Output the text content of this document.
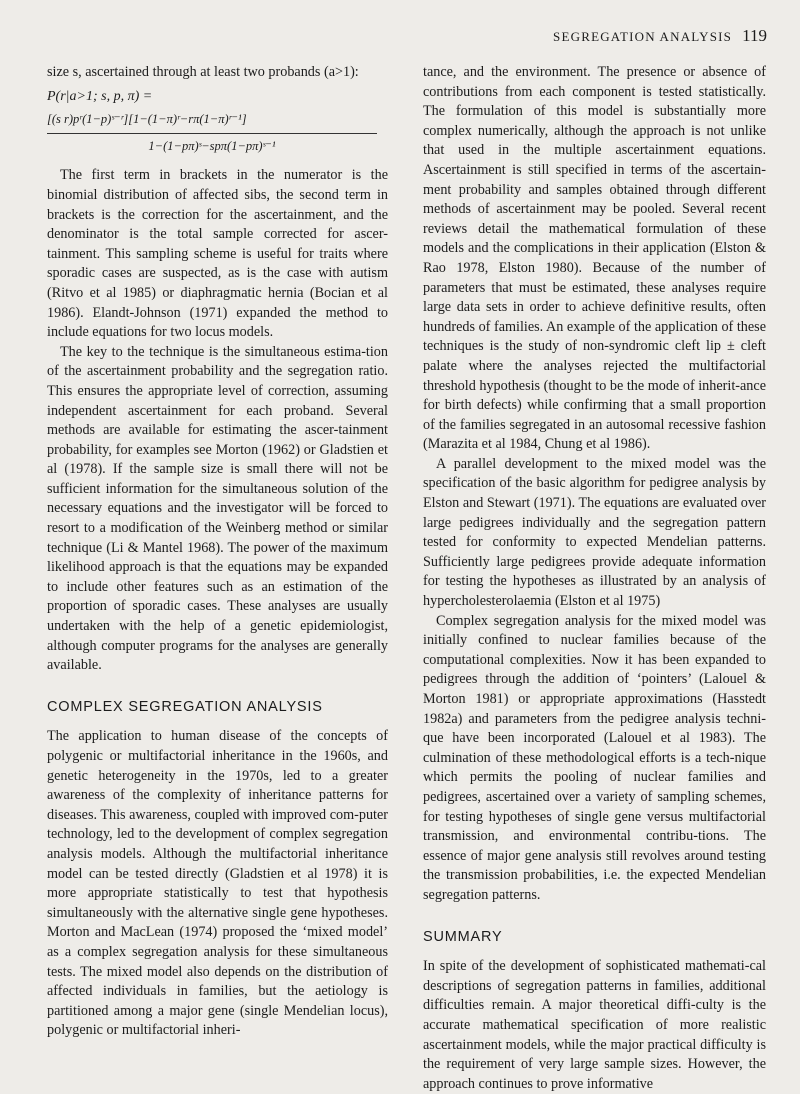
SEGREGATION ANALYSIS 119

size s, ascertained through at least two probands (a>1):

P(r|a>1; s, p, π) =
[(s r)pʳ(1−p)ˢ⁻ʳ][1−(1−π)ʳ−rπ(1−π)ʳ⁻¹]
1−(1−pπ)ˢ−spπ(1−pπ)ˢ⁻¹

The first term in brackets in the numerator is the binomial distribution of affected sibs, the second term in brackets is the correction for the ascertainment, and the denominator is the total sample corrected for ascer-tainment. This sampling scheme is useful for traits where sporadic cases are suspected, as is the case with autism (Ritvo et al 1985) or diaphragmatic hernia (Bocian et al 1986). Elandt-Johnson (1971) expanded the method to include equations for two locus models.

The key to the technique is the simultaneous estima-tion of the ascertainment probability and the segregation ratio. This ensures the appropriate level of correction, assuming independent ascertainment for each proband. Several methods are available for estimating the ascer-tainment probability, for examples see Morton (1962) or Gladstien et al (1978). If the sample size is small there will not be sufficient information for the simultaneous solution of the necessary equations and the investigator will be forced to resort to a modification of the Weinberg method or similar technique (Li & Mantel 1968). The power of the maximum likelihood approach is that the equations may be expanded to include other features such as an estimation of the proportion of sporadic cases. These analyses are usually undertaken with the help of a genetic epidemiologist, although computer programs for the analyses are generally available.

COMPLEX SEGREGATION ANALYSIS

The application to human disease of the concepts of polygenic or multifactorial inheritance in the 1960s, and genetic heterogeneity in the 1970s, led to a greater awareness of the complexity of inheritance patterns for diseases. This awareness, coupled with improved com-puter technology, led to the development of complex segregation analysis models. Although the multifactorial inheritance model can be tested directly (Gladstien et al 1978) it is more appropriate statistically to test that hypothesis simultaneously with the alternative single gene hypotheses. Morton and MacLean (1974) proposed the ‘mixed model’ as a complex segregation analysis for these simultaneous tests. The mixed model also depends on the distribution of affected individuals in families, but the aetiology is partitioned among a major gene (single Mendelian locus), polygenic or multifactorial inheri-

tance, and the environment. The presence or absence of contributions from each component is tested statistically. The formulation of this model is substantially more complex numerically, although the approach is not unlike that used in the multiple ascertainment equations. Ascertainment is still specified in terms of the ascertain-ment probability and samples obtained through different methods of ascertainment may be pooled. Several recent reviews detail the mathematical formulation of these models and the complications in their application (Elston & Rao 1978, Elston 1980). Because of the number of parameters that must be estimated, these analyses require large data sets in order to achieve definitive results, often hundreds of families. An example of the application of these techniques is the study of non-syndromic cleft lip ± cleft palate where the analyses rejected the multifactorial threshold hypothesis (thought to be the mode of inherit-ance for birth defects) while confirming that a small proportion of the families segregated in an autosomal recessive fashion (Marazita et al 1984, Chung et al 1986).

A parallel development to the mixed model was the specification of the basic algorithm for pedigree analysis by Elston and Stewart (1971). The equations are evaluated over large pedigrees individually and the segregation pattern tested for conformity to expected Mendelian patterns. Sufficiently large pedigrees provide adequate information for testing the hypotheses as illustrated by an analysis of hypercholesterolaemia (Elston et al 1975)

Complex segregation analysis for the mixed model was initially confined to nuclear families because of the computational complexities. Now it has been expanded to pedigrees through the addition of ‘pointers’ (Lalouel & Morton 1981) or appropriate approximations (Hasstedt 1982a) and parameters from the pedigree analysis techni-que have been incorporated (Lalouel et al 1983). The culmination of these methodological efforts is a tech-nique which permits the pooling of nuclear families and pedigrees, ascertained over a variety of sampling schemes, for testing hypotheses of single gene versus multifactorial transmission, and environmental contribu-tions. The essence of major gene analysis still revolves around testing the transmission probabilities, i.e. the expected Mendelian segregation patterns.

SUMMARY

In spite of the development of sophisticated mathemati-cal descriptions of segregation patterns in families, additional difficulties remain. A major theoretical diffi-culty is the accurate mathematical specification of more realistic ascertainment models, while the major practical difficulty is the requirement of very large sample sizes. However, the approach continues to prove informative
